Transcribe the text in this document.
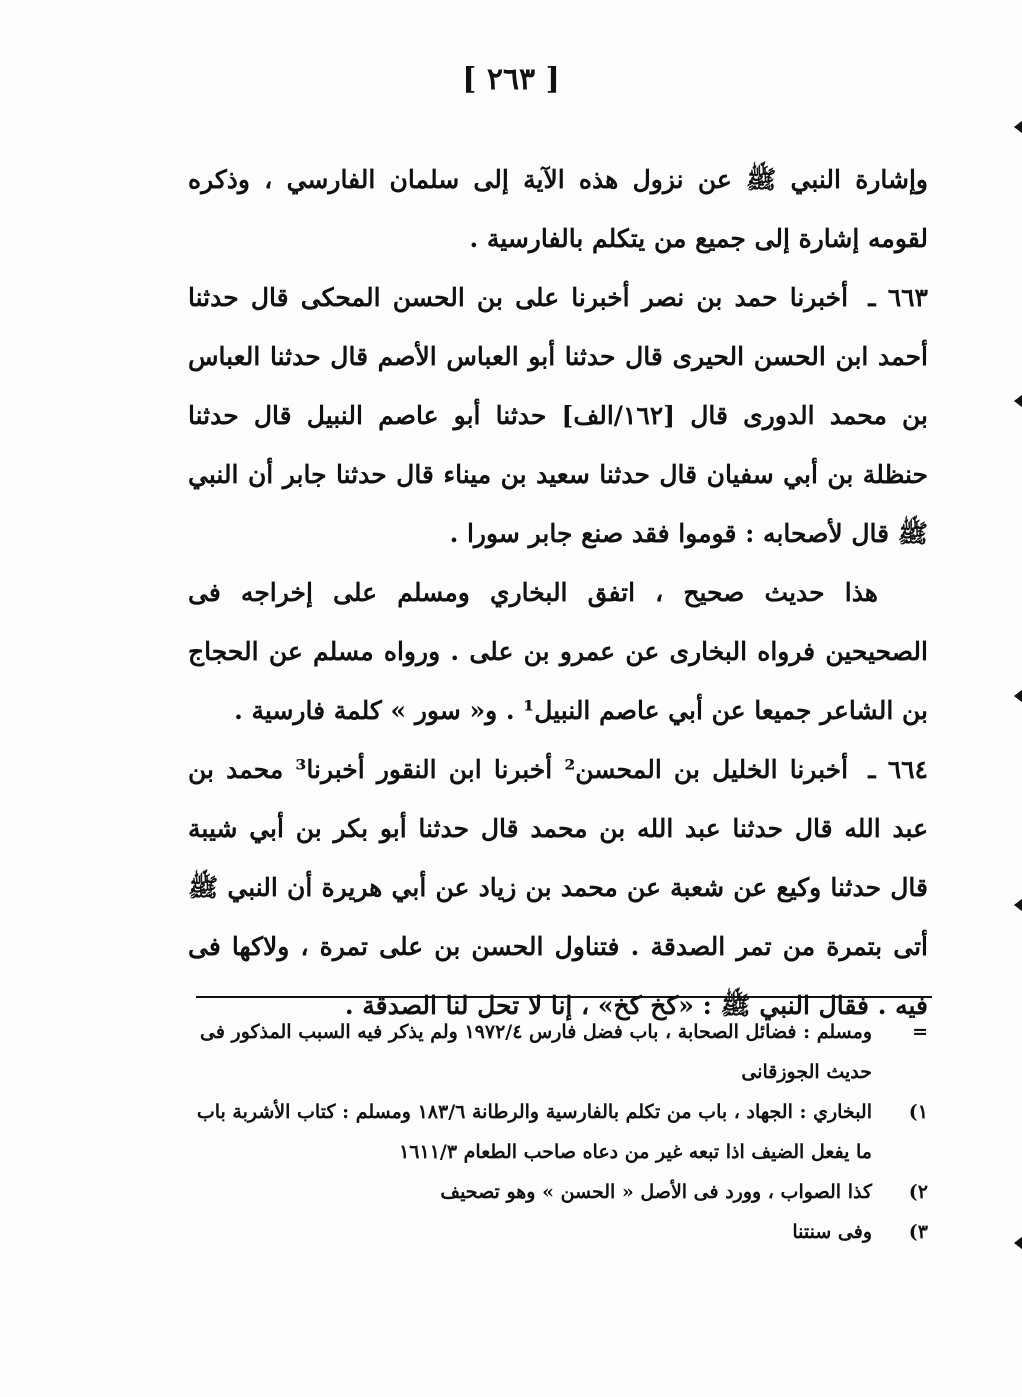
[ ٢٦٣ ]

وإشارة النبي ﷺ عن نزول هذه الآية إلى سلمان الفارسي ، وذكره لقومه إشارة إلى جميع من يتكلم بالفارسية .

٦٦٣ ـ أخبرنا حمد بن نصر أخبرنا على بن الحسن المحكى قال حدثنا أحمد ابن الحسن الحيرى قال حدثنا أبو العباس الأصم قال حدثنا العباس بن محمد الدورى قال [١٦٢/الف] حدثنا أبو عاصم النبيل قال حدثنا حنظلة بن أبي سفيان قال حدثنا سعيد بن ميناء قال حدثنا جابر أن النبي ﷺ قال لأصحابه : قوموا فقد صنع جابر سورا .

هذا حديث صحيح ، اتفق البخاري ومسلم على إخراجه فى الصحيحين فرواه البخارى عن عمرو بن على . ورواه مسلم عن الحجاج بن الشاعر جميعا عن أبي عاصم النبيل¹ . و« سور » كلمة فارسية .

٦٦٤ ـ أخبرنا الخليل بن المحسن² أخبرنا ابن النقور أخبرنا³ محمد بن عبد الله قال حدثنا عبد الله بن محمد قال حدثنا أبو بكر بن أبي شيبة قال حدثنا وكيع عن شعبة عن محمد بن زياد عن أبي هريرة أن النبي ﷺ أتى بتمرة من تمر الصدقة . فتناول الحسن بن على تمرة ، ولاكها فى فيه . فقال النبي ﷺ : «كخ كخ» ، إنا لا تحل لنا الصدقة .

=
ومسلم : فضائل الصحابة ، باب فضل فارس ١٩٧٢/٤ ولم يذكر فيه السبب المذكور فى حديث الجوزقانى
١)
البخاري : الجهاد ، باب من تكلم بالفارسية والرطانة ١٨٣/٦ ومسلم : كتاب الأشربة باب ما يفعل الضيف اذا تبعه غير من دعاه صاحب الطعام ١٦١١/٣
٢)
كذا الصواب ، وورد فى الأصل « الحسن » وهو تصحيف
٣)
وفى سنتنا
